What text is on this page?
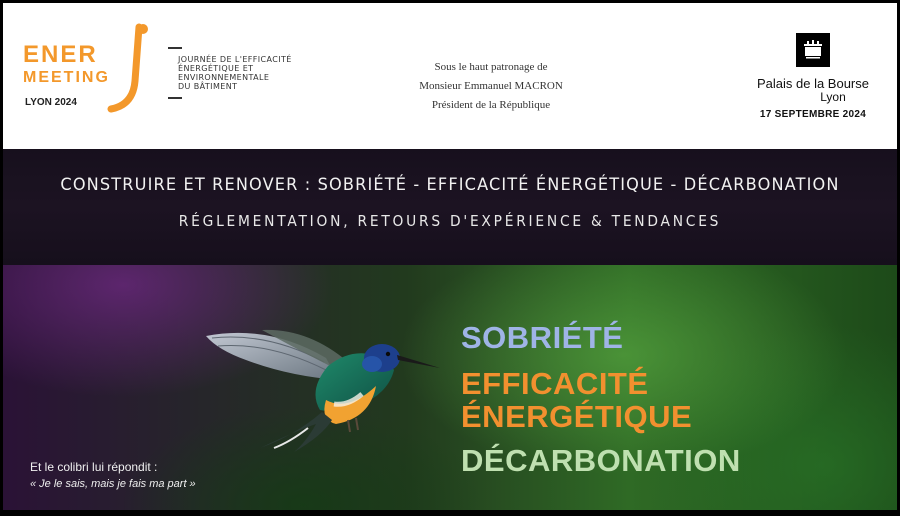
ENER
MEETING
LYON 2024
JOURNÉE DE L'EFFICACITÉ
ÉNERGÉTIQUE ET
ENVIRONNEMENTALE
DU BÂTIMENT
Sous le haut patronage de
Monsieur Emmanuel MACRON
Président de la République
Palais de la Bourse
Lyon
17 SEPTEMBRE 2024
CONSTRUIRE ET RENOVER : SOBRIÉTÉ - EFFICACITÉ ÉNERGÉTIQUE - DÉCARBONATION
RÉGLEMENTATION, RETOURS D'EXPÉRIENCE & TENDANCES
SOBRIÉTÉ
EFFICACITÉ
ÉNERGÉTIQUE
DÉCARBONATION
Et le colibri lui répondit :
« Je le sais, mais je fais ma part »
